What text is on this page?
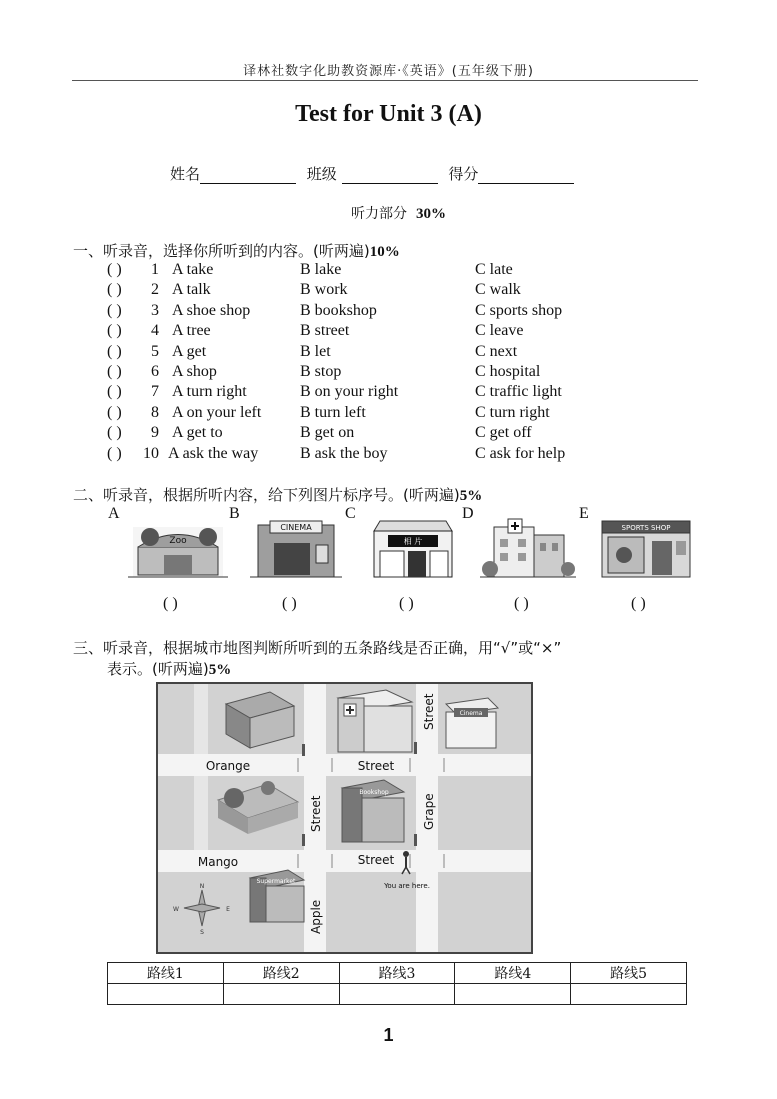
译林社数字化助教资源库·《英语》(五年级下册)
Test for Unit 3 (A)
姓名	班级	得分
听力部分 30%
一、听录音，选择你所听到的内容。(听两遍)10%
( ) 1 A take	B lake	C late
( ) 2 A talk	B work	C walk
( ) 3 A shoe shop	B bookshop	C sports shop
( ) 4 A tree	B street	C leave
( ) 5 A get	B let	C next
( ) 6 A shop	B stop	C hospital
( ) 7 A turn right	B on your right	C traffic light
( ) 8 A on your left B turn left	C turn right
( ) 9 A get to	B get on	C get off
( ) 10 A ask the way	B ask the boy	C ask for help
二、听录音，根据所听内容，给下列图片标序号。(听两遍)5%
A	B	C	D	E
Zoo
CINEMA
相 片
SPORTS SHOP
( )	( )	( )	( )	( )
三、听录音，根据城市地图判断所听到的五条路线是否正确，用“√”或“×”
表示。(听两遍)5%
Cinema
Bookshop
Supermarket
N
S
W	E
Orange	Street
Mango	Street
You are here.
Street
Apple
Grape
Street
路线1	路线2	路线3	路线4	路线5

1
